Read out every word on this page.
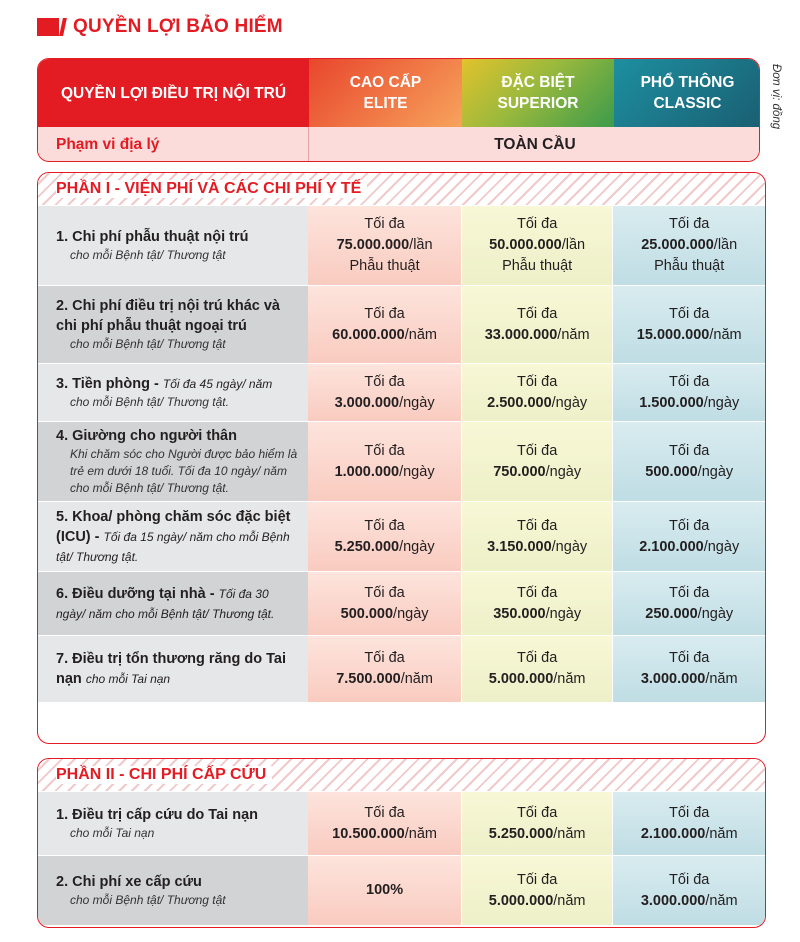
QUYỀN LỢI BẢO HIỂM
Đơn vị: đồng
QUYỀN LỢI ĐIỀU TRỊ NỘI TRÚ
CAO CẤP
ELITE
ĐẶC BIỆT
SUPERIOR
PHỔ THÔNG
CLASSIC
Phạm vi địa lý	TOÀN CẦU
PHẦN I - VIỆN PHÍ VÀ CÁC CHI PHÍ Y TẾ
1. Chi phí phẫu thuật nội trú
cho mỗi Bệnh tật/ Thương tật
Tối đa
75.000.000/lần
Phẫu thuật
Tối đa
50.000.000/lần
Phẫu thuật
Tối đa
25.000.000/lần
Phẫu thuật
2. Chi phí điều trị nội trú khác và chi phí phẫu thuật ngoại trú
cho mỗi Bệnh tật/ Thương tật
Tối đa
60.000.000/năm
Tối đa
33.000.000/năm
Tối đa
15.000.000/năm
3. Tiền phòng - Tối đa 45 ngày/ năm
cho mỗi Bệnh tật/ Thương tật.
Tối đa
3.000.000/ngày
Tối đa
2.500.000/ngày
Tối đa
1.500.000/ngày
4. Giường cho người thân
Khi chăm sóc cho Người được bảo hiểm là trẻ em dưới 18 tuổi. Tối đa 10 ngày/ năm cho mỗi Bệnh tật/ Thương tật.
Tối đa
1.000.000/ngày
Tối đa
750.000/ngày
Tối đa
500.000/ngày
5. Khoa/ phòng chăm sóc đặc biệt (ICU) - Tối đa 15 ngày/ năm cho mỗi Bệnh tật/ Thương tật.
Tối đa
5.250.000/ngày
Tối đa
3.150.000/ngày
Tối đa
2.100.000/ngày
6. Điều dưỡng tại nhà - Tối đa 30 ngày/ năm cho mỗi Bệnh tật/ Thương tật.
Tối đa
500.000/ngày
Tối đa
350.000/ngày
Tối đa
250.000/ngày
7. Điều trị tổn thương răng do Tai nạn cho mỗi Tai nạn
Tối đa
7.500.000/năm
Tối đa
5.000.000/năm
Tối đa
3.000.000/năm
PHẦN II - CHI PHÍ CẤP CỨU
1. Điều trị cấp cứu do Tai nạn
cho mỗi Tai nạn
Tối đa
10.500.000/năm
Tối đa
5.250.000/năm
Tối đa
2.100.000/năm
2. Chi phí xe cấp cứu
cho mỗi Bệnh tật/ Thương tật
100%
Tối đa
5.000.000/năm
Tối đa
3.000.000/năm
